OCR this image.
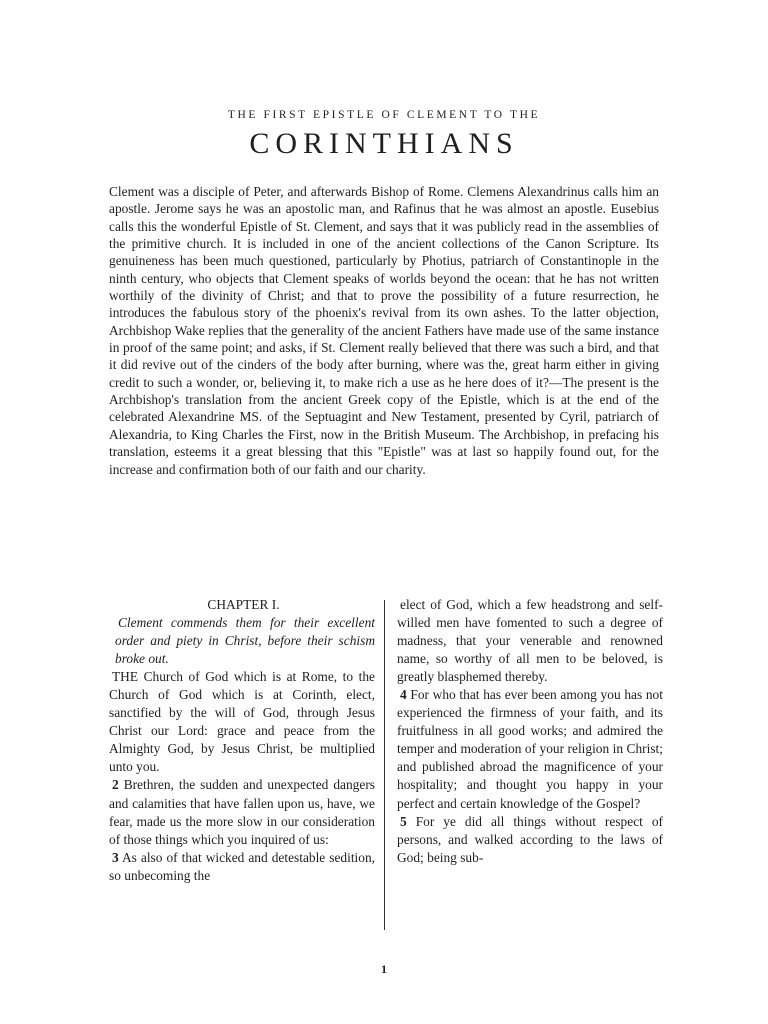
THE FIRST EPISTLE OF CLEMENT TO THE
CORINTHIANS

Clement was a disciple of Peter, and afterwards Bishop of Rome. Clemens Alexandrinus calls him an apostle. Jerome says he was an apostolic man, and Rafinus that he was almost an apostle. Eusebius calls this the wonderful Epistle of St. Clement, and says that it was publicly read in the assemblies of the primitive church. It is included in one of the ancient collections of the Canon Scripture. Its genuineness has been much questioned, particularly by Photius, patriarch of Constantinople in the ninth century, who objects that Clement speaks of worlds beyond the ocean: that he has not written worthily of the divinity of Christ; and that to prove the possibility of a future resurrection, he introduces the fabulous story of the phoenix's revival from its own ashes. To the latter objection, Archbishop Wake replies that the generality of the ancient Fathers have made use of the same instance in proof of the same point; and asks, if St. Clement really believed that there was such a bird, and that it did revive out of the cinders of the body after burning, where was the, great harm either in giving credit to such a wonder, or, believing it, to make rich a use as he here does of it?—The present is the Archbishop's translation from the ancient Greek copy of the Epistle, which is at the end of the celebrated Alexandrine MS. of the Septuagint and New Testament, presented by Cyril, patriarch of Alexandria, to King Charles the First, now in the British Museum. The Archbishop, in prefacing his translation, esteems it a great blessing that this "Epistle" was at last so happily found out, for the increase and confirmation both of our faith and our charity.

CHAPTER I.

Clement commends them for their excellent order and piety in Christ, before their schism broke out.

THE Church of God which is at Rome, to the Church of God which is at Corinth, elect, sanctified by the will of God, through Jesus Christ our Lord: grace and peace from the Almighty God, by Jesus Christ, be multiplied unto you.

2 Brethren, the sudden and unexpected dangers and calamities that have fallen upon us, have, we fear, made us the more slow in our consideration of those things which you inquired of us:

3 As also of that wicked and detestable sedition, so unbecoming the

elect of God, which a few headstrong and self-willed men have fomented to such a degree of madness, that your venerable and renowned name, so worthy of all men to be beloved, is greatly blasphemed thereby.

4 For who that has ever been among you has not experienced the firmness of your faith, and its fruitfulness in all good works; and admired the temper and moderation of your religion in Christ; and published abroad the magnificence of your hospitality; and thought you happy in your perfect and certain knowledge of the Gospel?

5 For ye did all things without respect of persons, and walked according to the laws of God; being sub-

1
